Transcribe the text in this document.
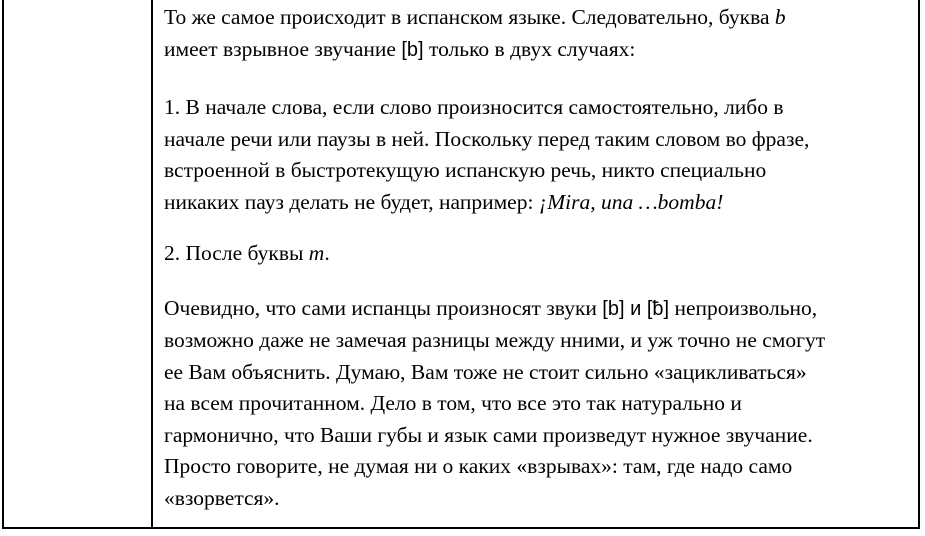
То же самое происходит в испанском языке. Следовательно, буква b

имеет взрывное звучание [b] только в двух случаях:

1. В начале слова, если слово произносится самостоятельно, либо в

начале речи или паузы в ней. Поскольку перед таким словом во фразе,

встроенной в быстротекущую испанскую речь, никто специально

никаких пауз делать не будет, например: ¡Mira, una …bomba!

2. После буквы m.

Очевидно, что сами испанцы произносят звуки [b] и [ƀ] непроизвольно,

возможно даже не замечая разницы между нними, и уж точно не смогут

ее Вам объяснить. Думаю, Вам тоже не стоит сильно «зацикливаться»

на всем прочитанном. Дело в том, что все это так натурально и

гармонично, что Ваши губы и язык сами произведут нужное звучание.

Просто говорите, не думая ни о каких «взрывах»: там, где надо само

«взорвется».
